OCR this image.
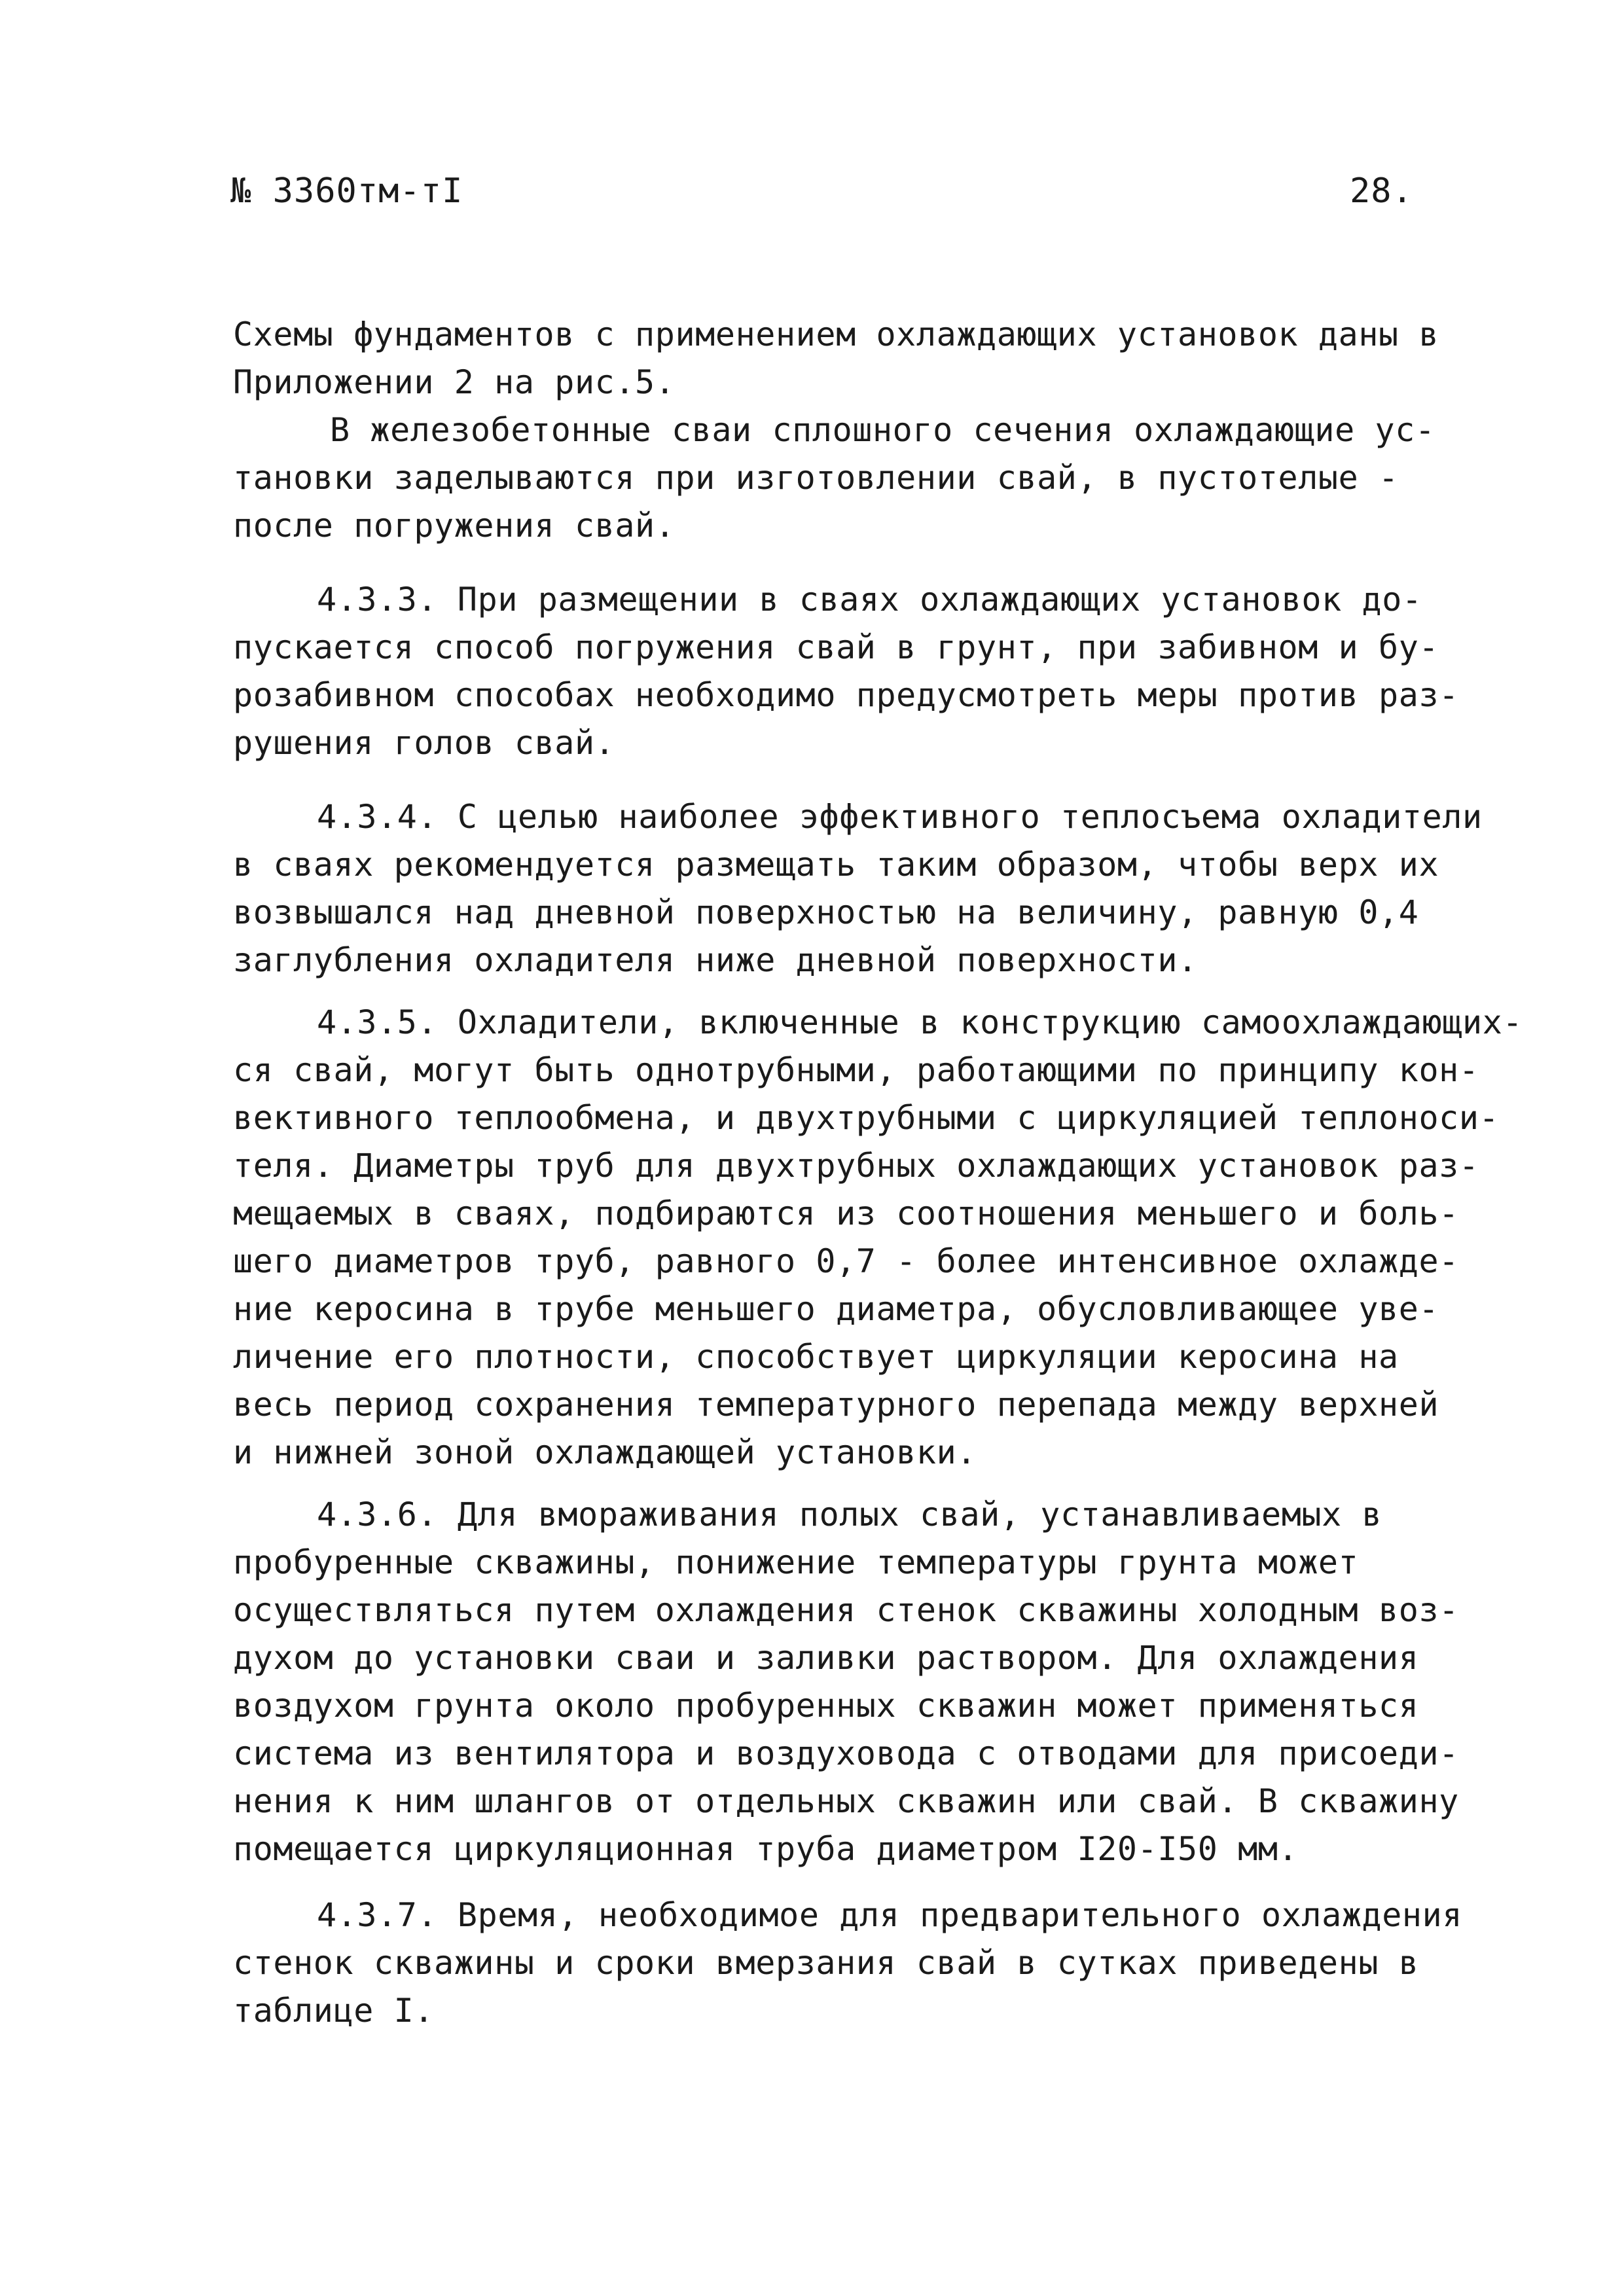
№ 3360тм-тI	28.
Схемы фундаментов с применением охлаждающих установок даны в
Приложении 2 на рис.5.
В железобетонные сваи сплошного сечения охлаждающие ус-
тановки заделываются при изготовлении свай, в пустотелые -
после погружения свай.
4.3.3. При размещении в сваях охлаждающих установок до-
пускается способ погружения свай в грунт, при забивном и бу-
розабивном способах необходимо предусмотреть меры против раз-
рушения голов свай.
4.3.4. С целью наиболее эффективного теплосъема охладители
в сваях рекомендуется размещать таким образом, чтобы верх их
возвышался над дневной поверхностью на величину, равную 0,4
заглубления охладителя ниже дневной поверхности.
4.3.5. Охладители, включенные в конструкцию самоохлаждающих-
ся свай, могут быть однотрубными, работающими по принципу кон-
вективного теплообмена, и двухтрубными с циркуляцией теплоноси-
теля. Диаметры труб для двухтрубных охлаждающих установок раз-
мещаемых в сваях, подбираются из соотношения меньшего и боль-
шего диаметров труб, равного 0,7 - более интенсивное охлажде-
ние керосина в трубе меньшего диаметра, обусловливающее уве-
личение его плотности, способствует циркуляции керосина на
весь период сохранения температурного перепада между верхней
и нижней зоной охлаждающей установки.
4.3.6. Для вмораживания полых свай, устанавливаемых в
пробуренные скважины, понижение температуры грунта может
осуществляться путем охлаждения стенок скважины холодным воз-
духом до установки сваи и заливки раствором. Для охлаждения
воздухом грунта около пробуренных скважин может применяться
система из вентилятора и воздуховода с отводами для присоеди-
нения к ним шлангов от отдельных скважин или свай. В скважину
помещается циркуляционная труба диаметром I20-I50 мм.
4.3.7. Время, необходимое для предварительного охлаждения
стенок скважины и сроки вмерзания свай в сутках приведены в
таблице I.
